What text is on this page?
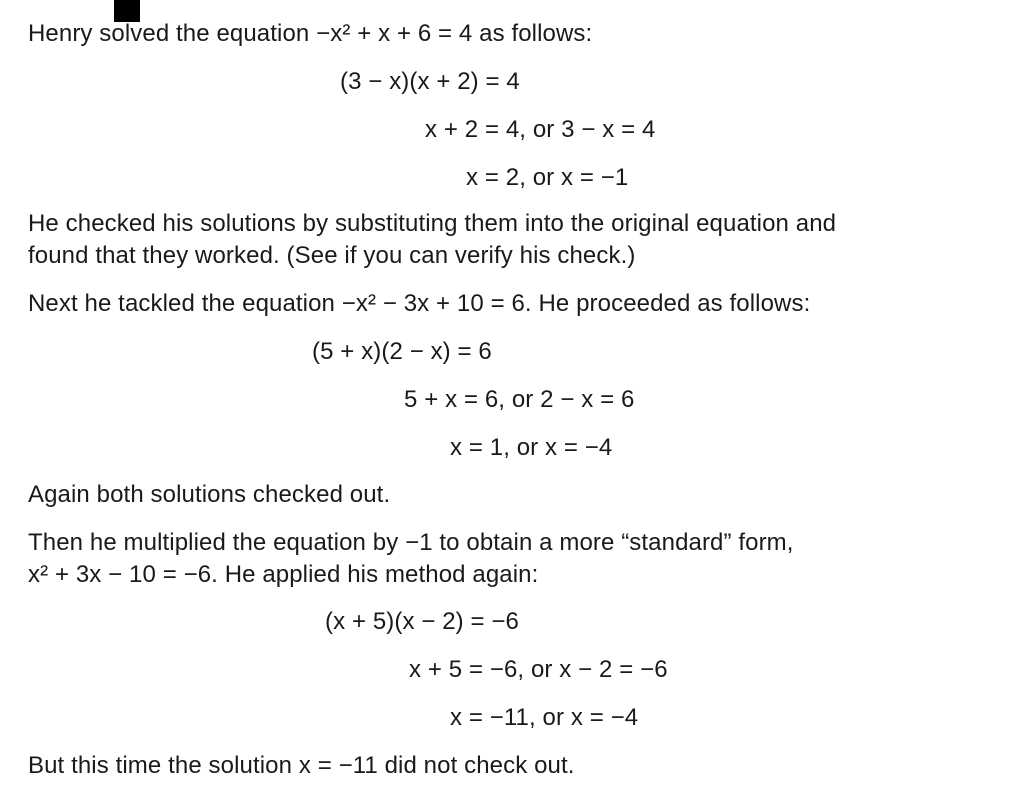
Henry solved the equation −x² + x + 6 = 4 as follows:
(3 − x)(x + 2) = 4
x + 2 = 4, or 3 − x = 4
x = 2, or x = −1
He checked his solutions by substituting them into the original equation and
found that they worked. (See if you can verify his check.)
Next he tackled the equation −x² − 3x + 10 = 6. He proceeded as follows:
(5 + x)(2 − x) = 6
5 + x = 6, or 2 − x = 6
x = 1, or x = −4
Again both solutions checked out.
Then he multiplied the equation by −1 to obtain a more “standard” form,
x² + 3x − 10 = −6. He applied his method again:
(x + 5)(x − 2) = −6
x + 5 = −6, or x − 2 = −6
x = −11, or x = −4
But this time the solution x = −11 did not check out.
